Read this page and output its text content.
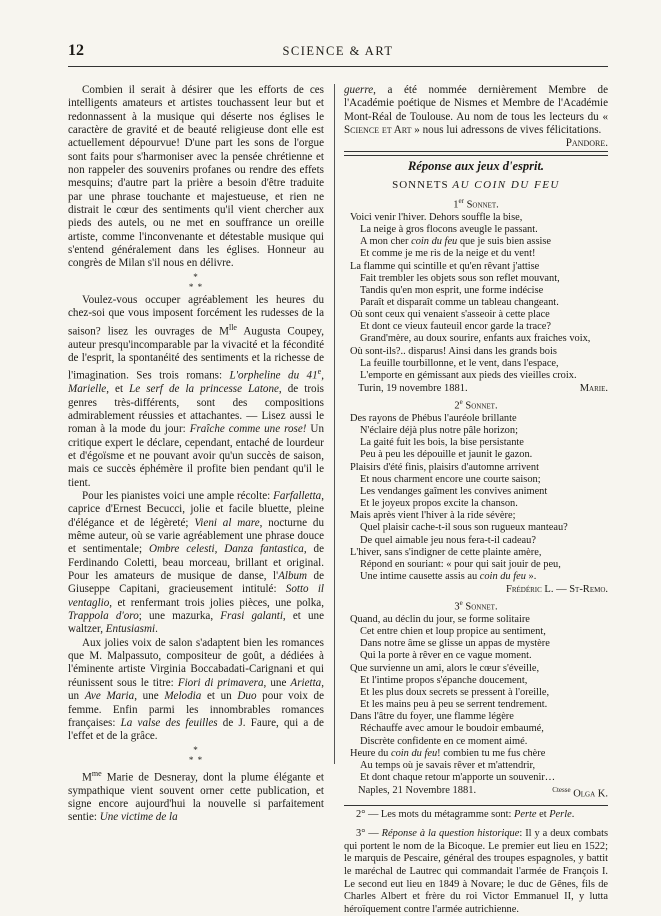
12	SCIENCE & ART

Combien il serait à désirer que les efforts de ces intelligents amateurs et artistes touchassent leur but et redonnassent à la musique qui déserte nos églises le caractère de gravité et de beauté religieuse dont elle est actuellement dépourvue! D'une part les sons de l'orgue sont faits pour s'harmoniser avec la pensée chrétienne et non rappeler des souvenirs profanes ou rendre des effets mesquins; d'autre part la prière a besoin d'être traduite par une phrase touchante et majestueuse, et rien ne distrait le cœur des sentiments qu'il vient chercher aux pieds des autels, ou ne met en souffrance un oreille artiste, comme l'inconvenante et détestable musique qui s'entend généralement dans les églises. Honneur au congrès de Milan s'il nous en délivre.

*
* *

Voulez-vous occuper agréablement les heures du chez-soi que vous imposent forcément les rudesses de la saison? lisez les ouvrages de $M^{lle}$ Augusta Coupey, auteur presqu'incomparable par la vivacité et la fécondité de l'esprit, la spontanéité des sentiments et la richesse de l'imagination. Ses trois romans: L'orpheline du 41e, Marielle, et Le serf de la princesse Latone, de trois genres très-différents, sont des compositions admirablement réussies et attachantes. — Lisez aussi le roman à la mode du jour: Fraîche comme une rose! Un critique expert le déclare, cependant, entaché de lourdeur et d'égoïsme et ne pouvant avoir qu'un succès de saison, mais ce succès éphémère il profite bien pendant qu'il le tient.

Pour les pianistes voici une ample récolte: Farfalletta, caprice d'Ernest Becucci, jolie et facile bluette, pleine d'élégance et de légèreté; Vieni al mare, nocturne du même auteur, où se varie agréablement une phrase douce et sentimentale; Ombre celesti, Danza fantastica, de Ferdinando Coletti, beau morceau, brillant et original. Pour les amateurs de musique de danse, l'Album de Giuseppe Capitani, gracieusement intitulé: Sotto il ventaglio, et renfermant trois jolies pièces, une polka, Trappola d'oro; une mazurka, Frasi galanti, et une waltzer, Entusiasmi.

Aux jolies voix de salon s'adaptent bien les romances que M. Malpassuto, compositeur de goût, a dédiées à l'éminente artiste Virginia Boccabadati-Carignani et qui réunissent sous le titre: Fiori di primavera, une Arietta, un Ave Maria, une Melodia et un Duo pour voix de femme. Enfin parmi les innombrables romances françaises: La valse des feuilles de J. Faure, qui a de l'effet et de la grâce.

*
* *

$M^{me}$ Marie de Desneray, dont la plume élégante et sympathique vient souvent orner cette publication, et signe encore aujourd'hui la nouvelle si parfaitement sentie: Une victime de la

guerre, a été nommée dernièrement Membre de l'Académie poétique de Nismes et Membre de l'Académie Mont-Réal de Toulouse. Au nom de tous les lecteurs du « Science et Art » nous lui adressons de vives félicitations.
Pandore.

Réponse aux jeux d'esprit.
SONNETS AU COIN DU FEU
1er Sonnet.
Voici venir l'hiver. Dehors souffle la bise,
La neige à gros flocons aveugle le passant.
A mon cher coin du feu que je suis bien assise
Et comme je me ris de la neige et du vent!
La flamme qui scintille et qu'en rêvant j'attise
Fait trembler les objets sous son reflet mouvant,
Tandis qu'en mon esprit, une forme indécise
Paraît et disparaît comme un tableau changeant.
Où sont ceux qui venaient s'asseoir à cette place
Et dont ce vieux fauteuil encor garde la trace?
Grand'mère, au doux sourire, enfants aux fraiches voix,
Où sont-ils?.. disparus! Ainsi dans les grands bois
La feuille tourbillonne, et le vent, dans l'espace,
L'emporte en gémissant aux pieds des vieilles croix.
Turin, 19 novembre 1881.	Marie.
2e Sonnet.
Des rayons de Phébus l'auréole brillante
N'éclaire déjà plus notre pâle horizon;
La gaité fuit les bois, la bise persistante
Peu à peu les dépouille et jaunit le gazon.
Plaisirs d'été finis, plaisirs d'automne arrivent
Et nous charment encore une courte saison;
Les vendanges gaîment les convives animent
Et le joyeux propos excite la chanson.
Mais après vient l'hiver à la ride sévère;
Quel plaisir cache-t-il sous son rugueux manteau?
De quel aimable jeu nous fera-t-il cadeau?
L'hiver, sans s'indigner de cette plainte amère,
Répond en souriant: « pour qui sait jouir de peu,
Une intime causette assis au coin du feu ».
Frédéric L. — St-Remo.
3e Sonnet.
Quand, au déclin du jour, se forme solitaire
Cet entre chien et loup propice au sentiment,
Dans notre âme se glisse un appas de mystère
Qui la porte à rêver en ce vague moment.
Que survienne un ami, alors le cœur s'éveille,
Et l'intime propos s'épanche doucement,
Et les plus doux secrets se pressent à l'oreille,
Et les mains peu à peu se serrent tendrement.
Dans l'âtre du foyer, une flamme légère
Réchauffe avec amour le boudoir embaumé,
Discrète confidente en ce moment aimé.
Heure du coin du feu! combien tu me fus chère
Au temps où je savais rêver et m'attendrir,
Et dont chaque retour m'apporte un souvenir…
Naples, 21 Novembre 1881.	$^{Ctesse}$ Olga K.

2° — Les mots du métagramme sont: Perte et Perle.

3° — Réponse à la question historique: Il y a deux combats qui portent le nom de la Bicoque. Le premier eut lieu en 1522; le marquis de Pescaire, général des troupes espagnoles, y battit le maréchal de Lautrec qui commandait l'armée de François I. Le second eut lieu en 1849 à Novare; le duc de Gênes, fils de Charles Albert et frère du roi Victor Emmanuel II, y lutta héroïquement contre l'armée autrichienne.
